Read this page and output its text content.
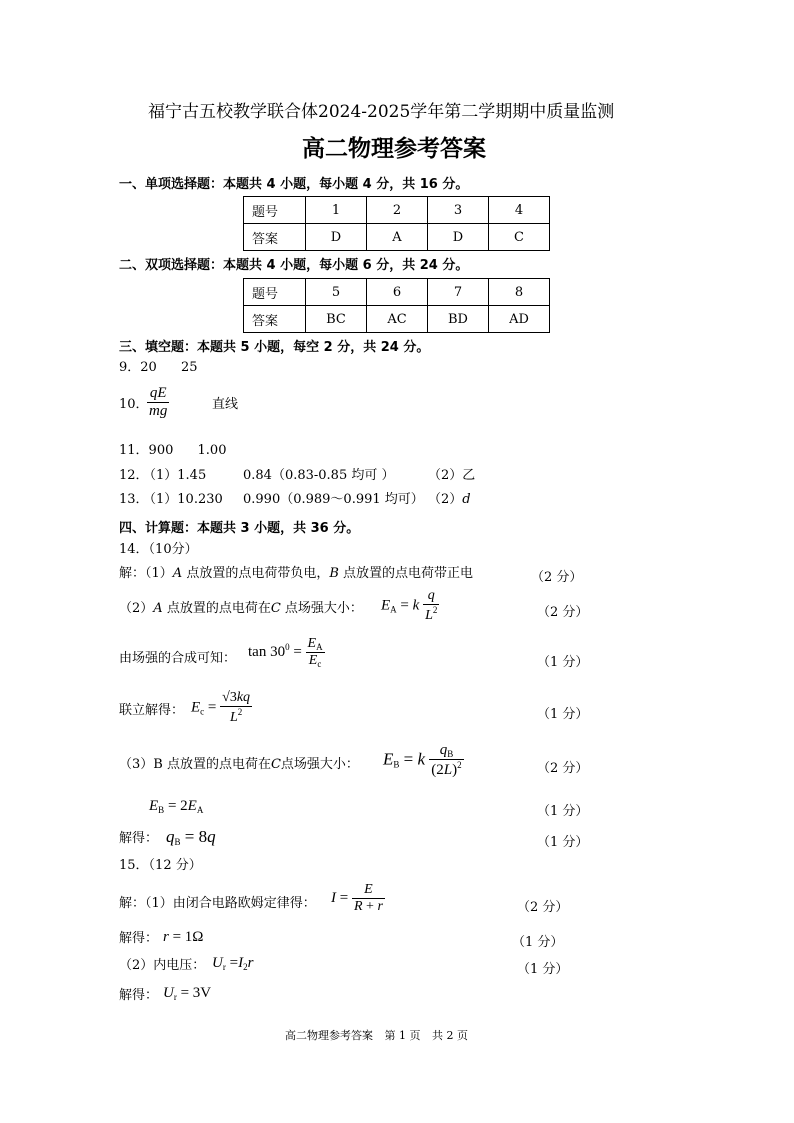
福宁古五校教学联合体2024-2025学年第二学期期中质量监测
高二物理参考答案
一、单项选择题：本题共 4 小题，每小题 4 分，共 16 分。
题号	1	2	3	4
答案	D	A	D	C
二、双项选择题：本题共 4 小题，每小题 6 分，共 24 分。
题号	5	6	7	8
答案	BC	AC	BD	AD
三、填空题：本题共 5 小题，每空 2 分，共 24 分。
9．20 25
10．
$\frac{qE}{mg}$	直线
11．900 1.00
12．
（1）1.45	0.84（0.83-0.85 均可 ）	（2）乙
13．
（1）10.230 0.990（0.989～0.991 均可） （2）d
四、计算题：本题共 3 小题，共 36 分。
14．（10分）
解：（1）A 点放置的点电荷带负电，B 点放置的点电荷带正电	（2 分）
（2）A 点放置的点电荷在C 点场强大小： $E_A = k \frac{q}{L^2}$	（2 分）
由场强的合成可知： $\tan 30^0 = \frac{E_A}{E_c}$	（1 分）
联立解得： $E_c = \frac{√3kq}{L^2}$	（1 分）
（3）B 点放置的点电荷在C点场强大小： $E_B = k \frac{q_B}{(2L)^2}$	（2 分）
$E_B = 2E_A$	（1 分）
解得： $q_B = 8q$	（1 分）
15．（12 分）
解：（1）由闭合电路欧姆定律得： $I = \frac{E}{R + r}$	（2 分）
解得： r = 1Ω	（1 分）
（2）内电压： $U_r =I_2r$	（1 分）
解得： $U_r = 3V$
高二物理参考答案 第 1 页 共 2 页
